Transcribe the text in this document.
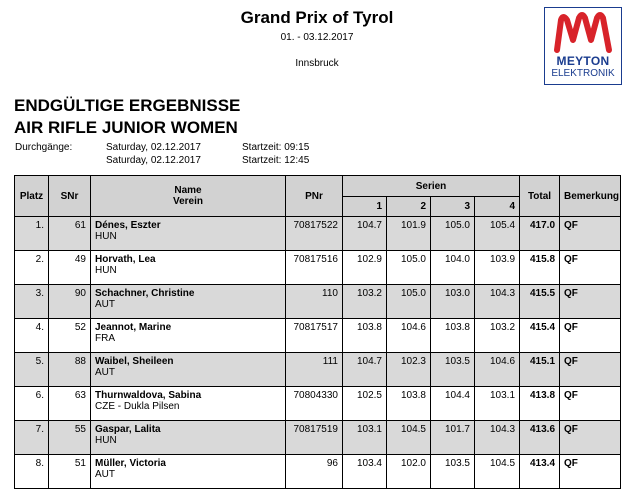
Grand Prix of Tyrol
01. - 03.12.2017
Innsbruck	MEYTON
ELEKTRONIK
ENDGÜLTIGE ERGEBNISSE
AIR RIFLE JUNIOR WOMEN
Durchgänge:	Saturday, 02.12.2017	Startzeit: 09:15
Saturday, 02.12.2017	Startzeit: 12:45
Platz	SNr	Name
Verein	PNr	Serien				Total	Bemerkung
				1	2	3	4		
1.	61	Dénes, Eszter
HUN	70817522	104.7	101.9	105.0	105.4	417.0	QF
2.	49	Horvath, Lea
HUN	70817516	102.9	105.0	104.0	103.9	415.8	QF
3.	90	Schachner, Christine
AUT	110	103.2	105.0	103.0	104.3	415.5	QF
4.	52	Jeannot, Marine
FRA	70817517	103.8	104.6	103.8	103.2	415.4	QF
5.	88	Waibel, Sheileen
AUT	111	104.7	102.3	103.5	104.6	415.1	QF
6.	63	Thurnwaldova, Sabina
CZE - Dukla Pilsen	70804330	102.5	103.8	104.4	103.1	413.8	QF
7.	55	Gaspar, Lalita
HUN	70817519	103.1	104.5	101.7	104.3	413.6	QF
8.	51	Müller, Victoria
AUT	96	103.4	102.0	103.5	104.5	413.4	QF
